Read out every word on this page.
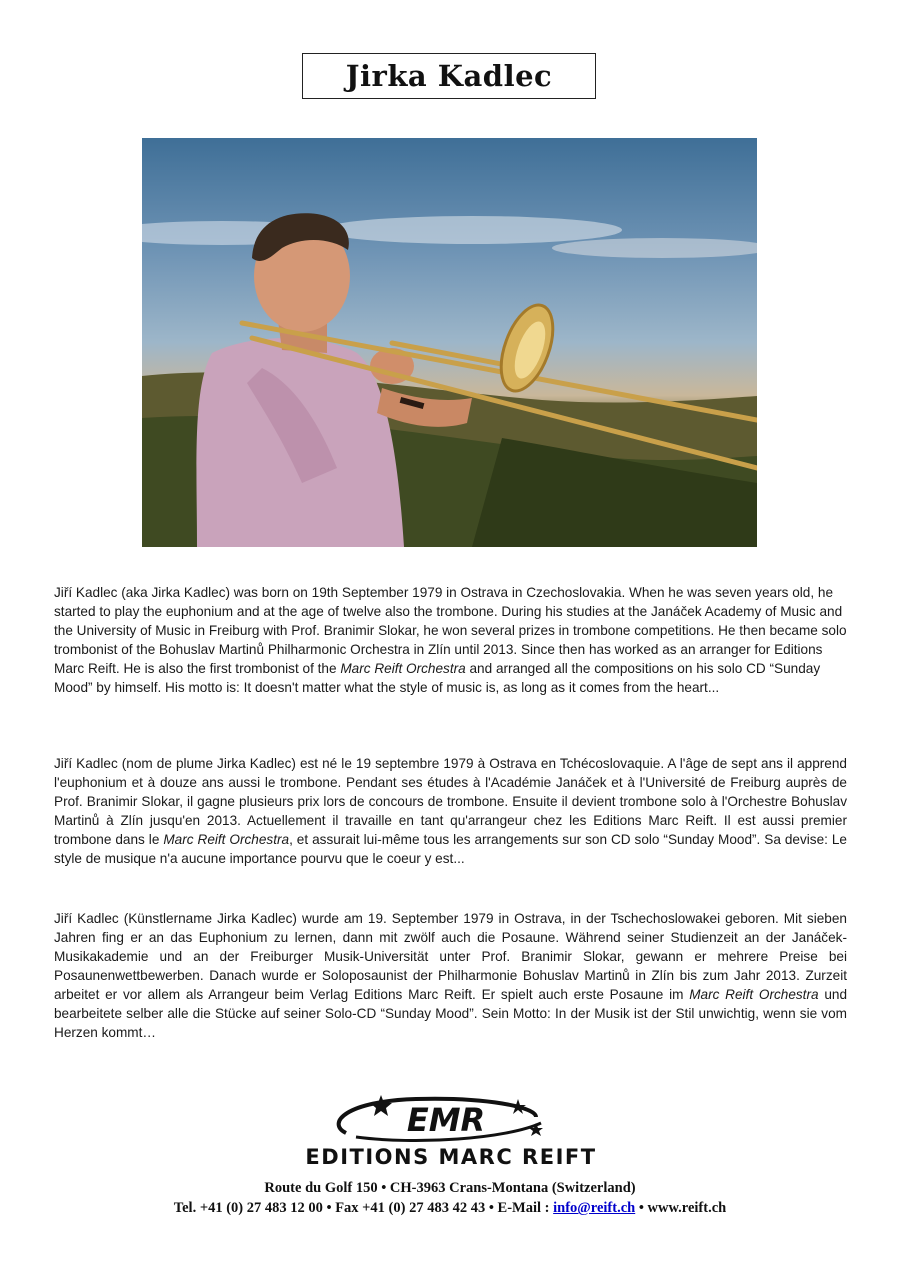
Jirka Kadlec

Jiří Kadlec (aka Jirka Kadlec) was born on 19th September 1979 in Ostrava in Czechoslovakia. When he was seven years old, he started to play the euphonium and at the age of twelve also the trombone. During his studies at the Janáček Academy of Music and the University of Music in Freiburg with Prof. Branimir Slokar, he won several prizes in trombone competitions. He then became solo trombonist of the Bohuslav Martinů Philharmonic Orchestra in Zlín until 2013. Since then has worked as an arranger for Editions Marc Reift. He is also the first trombonist of the Marc Reift Orchestra and arranged all the compositions on his solo CD “Sunday Mood” by himself. His motto is: It doesn't matter what the style of music is, as long as it comes from the heart...

Jiří Kadlec (nom de plume Jirka Kadlec) est né le 19 septembre 1979 à Ostrava en Tchécoslovaquie. A l'âge de sept ans il apprend l'euphonium et à douze ans aussi le trombone. Pendant ses études à l'Académie Janáček et à l'Université de Freiburg auprès de Prof. Branimir Slokar, il gagne plusieurs prix lors de concours de trombone. Ensuite il devient trombone solo à l'Orchestre Bohuslav Martinů à Zlín jusqu'en 2013. Actuellement il travaille en tant qu'arrangeur chez les Editions Marc Reift. Il est aussi premier trombone dans le Marc Reift Orchestra, et assurait lui-même tous les arrangements sur son CD solo “Sunday Mood”. Sa devise: Le style de musique n'a aucune importance pourvu que le coeur y est...

Jiří Kadlec (Künstlername Jirka Kadlec) wurde am 19. September 1979 in Ostrava, in der Tschechoslowakei geboren. Mit sieben Jahren fing er an das Euphonium zu lernen, dann mit zwölf auch die Posaune. Während seiner Studienzeit an der Janáček-Musikakademie und an der Freiburger Musik-Universität unter Prof. Branimir Slokar, gewann er mehrere Preise bei Posaunenwettbewerben. Danach wurde er Soloposaunist der Philharmonie Bohuslav Martinů in Zlín bis zum Jahr 2013. Zurzeit arbeitet er vor allem als Arrangeur beim Verlag Editions Marc Reift. Er spielt auch erste Posaune im Marc Reift Orchestra und bearbeitete selber alle die Stücke auf seiner Solo-CD “Sunday Mood”. Sein Motto: In der Musik ist der Stil unwichtig, wenn sie vom Herzen kommt…

EMR
EDITIONS MARC REIFT
Route du Golf 150 • CH-3963 Crans-Montana (Switzerland)
Tel. +41 (0) 27 483 12 00 • Fax +41 (0) 27 483 42 43 • E-Mail : info@reift.ch • www.reift.ch
